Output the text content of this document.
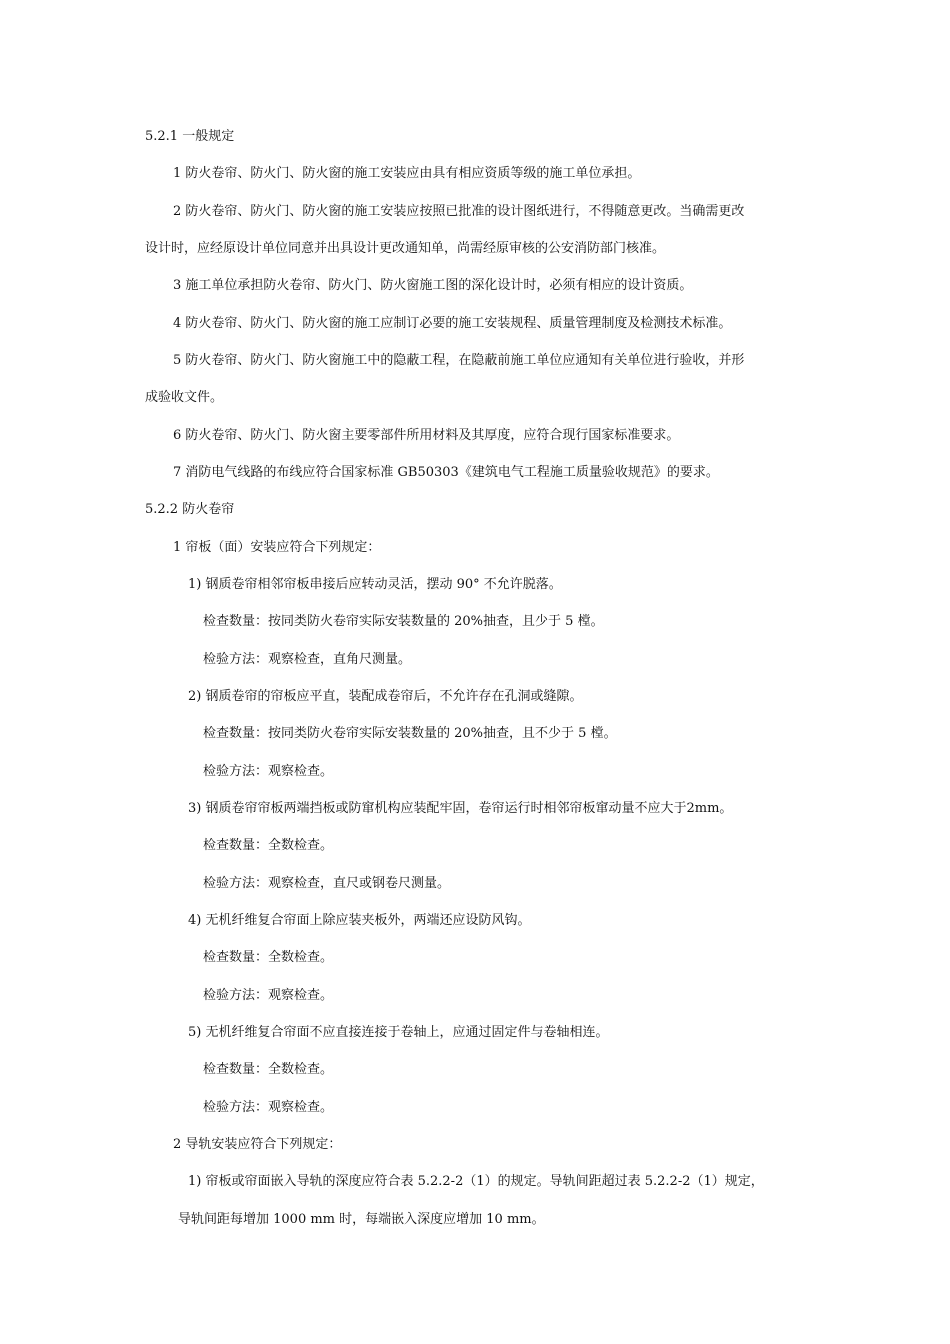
5.2.1 一般规定
1 防火卷帘、防火门、防火窗的施工安装应由具有相应资质等级的施工单位承担。
2 防火卷帘、防火门、防火窗的施工安装应按照已批准的设计图纸进行，不得随意更改。当确需更改
设计时，应经原设计单位同意并出具设计更改通知单，尚需经原审核的公安消防部门核准。
3 施工单位承担防火卷帘、防火门、防火窗施工图的深化设计时，必须有相应的设计资质。
4 防火卷帘、防火门、防火窗的施工应制订必要的施工安装规程、质量管理制度及检测技术标准。
5 防火卷帘、防火门、防火窗施工中的隐蔽工程，在隐蔽前施工单位应通知有关单位进行验收，并形
成验收文件。
6 防火卷帘、防火门、防火窗主要零部件所用材料及其厚度，应符合现行国家标准要求。
7 消防电气线路的布线应符合国家标准 GB50303《建筑电气工程施工质量验收规范》的要求。
5.2.2 防火卷帘
1 帘板（面）安装应符合下列规定：
1) 钢质卷帘相邻帘板串接后应转动灵活，摆动 90° 不允许脱落。
检查数量：按同类防火卷帘实际安装数量的 20%抽查，且少于 5 樘。
检验方法：观察检查，直角尺测量。
2) 钢质卷帘的帘板应平直，装配成卷帘后，不允许存在孔洞或缝隙。
检查数量：按同类防火卷帘实际安装数量的 20%抽查，且不少于 5 樘。
检验方法：观察检查。
3) 钢质卷帘帘板两端挡板或防窜机构应装配牢固，卷帘运行时相邻帘板窜动量不应大于2mm。
检查数量：全数检查。
检验方法：观察检查，直尺或钢卷尺测量。
4) 无机纤维复合帘面上除应装夹板外，两端还应设防风钩。
检查数量：全数检查。
检验方法：观察检查。
5) 无机纤维复合帘面不应直接连接于卷轴上，应通过固定件与卷轴相连。
检查数量：全数检查。
检验方法：观察检查。
2 导轨安装应符合下列规定：
1) 帘板或帘面嵌入导轨的深度应符合表 5.2.2-2（1）的规定。导轨间距超过表 5.2.2-2（1）规定，
导轨间距每增加 1000 mm 时，每端嵌入深度应增加 10 mm。
